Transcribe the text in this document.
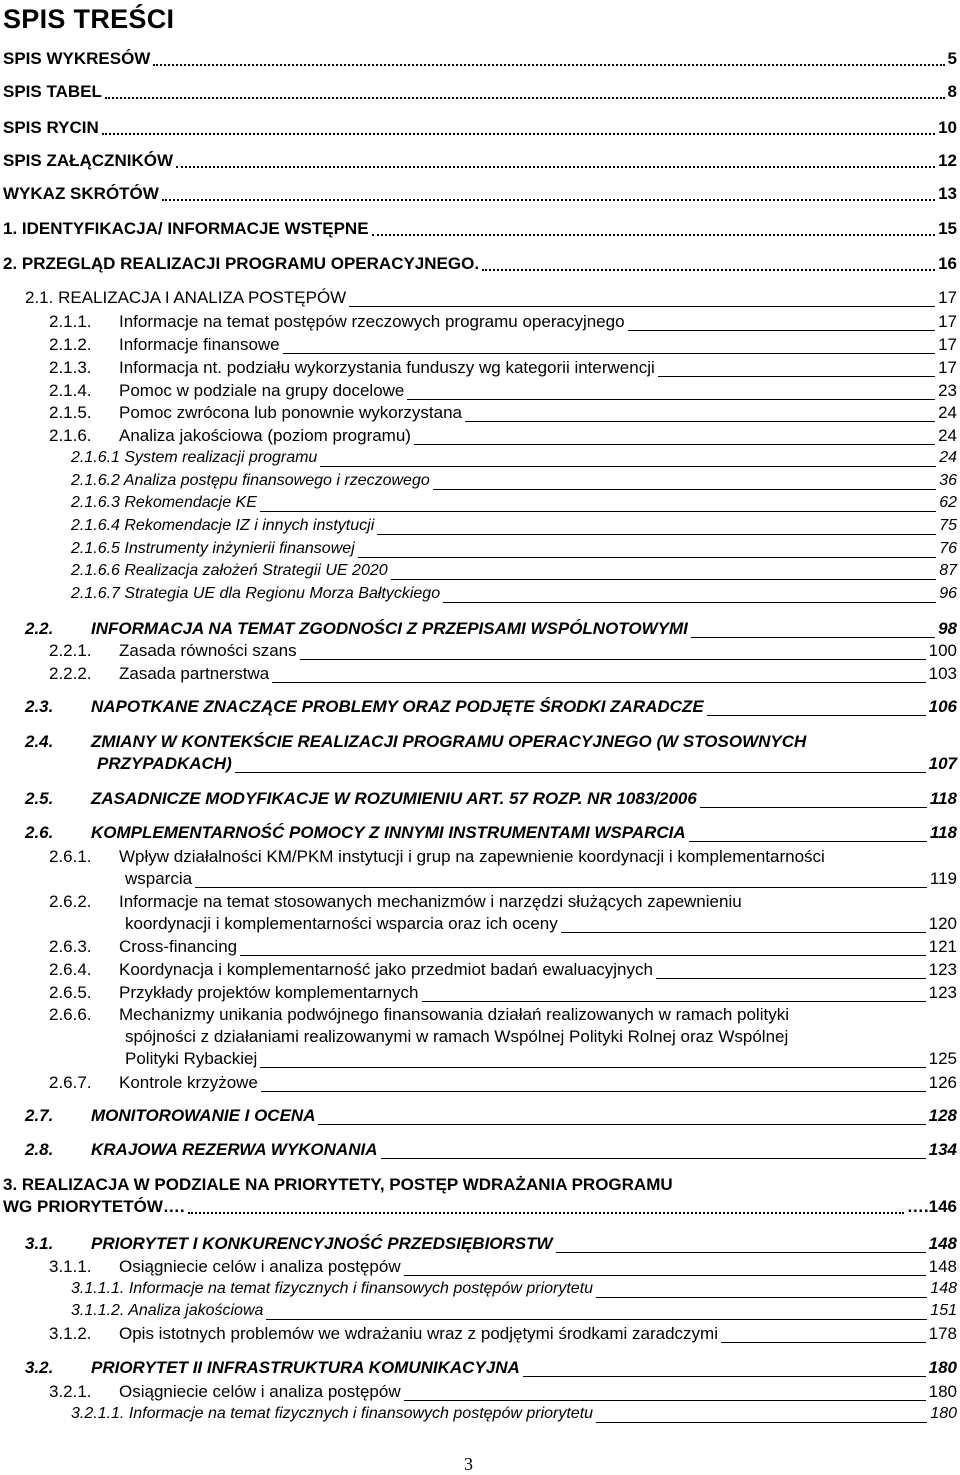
SPIS TREŚCI
SPIS WYKRESÓW	5
SPIS TABEL	8
SPIS RYCIN	10
SPIS ZAŁĄCZNIKÓW	12
WYKAZ SKRÓTÓW	13
1. IDENTYFIKACJA/ INFORMACJE WSTĘPNE	15
2. PRZEGLĄD REALIZACJI PROGRAMU OPERACYJNEGO.	16
2.1. REALIZACJA I ANALIZA POSTĘPÓW	17
2.1.1.	Informacje na temat postępów rzeczowych programu operacyjnego	17
2.1.2.	Informacje finansowe	17
2.1.3.	Informacja nt. podziału wykorzystania funduszy wg kategorii interwencji	17
2.1.4.	Pomoc w podziale na grupy docelowe	23
2.1.5.	Pomoc zwrócona lub ponownie wykorzystana	24
2.1.6.	Analiza jakościowa (poziom programu)	24
2.1.6.1 System realizacji programu	24
2.1.6.2 Analiza postępu finansowego i rzeczowego	36
2.1.6.3 Rekomendacje KE	62
2.1.6.4 Rekomendacje IZ i innych instytucji	75
2.1.6.5 Instrumenty inżynierii finansowej	76
2.1.6.6 Realizacja założeń Strategii UE 2020	87
2.1.6.7 Strategia UE dla Regionu Morza Bałtyckiego	96
2.2.	INFORMACJA NA TEMAT ZGODNOŚCI Z PRZEPISAMI WSPÓLNOTOWYMI	98
2.2.1.	Zasada równości szans	100
2.2.2.	Zasada partnerstwa	103
2.3.	NAPOTKANE ZNACZĄCE PROBLEMY ORAZ PODJĘTE ŚRODKI ZARADCZE	106
2.4.	ZMIANY W KONTEKŚCIE REALIZACJI PROGRAMU OPERACYJNEGO (W STOSOWNYCH
PRZYPADKACH)	107
2.5.	ZASADNICZE MODYFIKACJE W ROZUMIENIU ART. 57 ROZP. NR 1083/2006	118
2.6.	KOMPLEMENTARNOŚĆ POMOCY Z INNYMI INSTRUMENTAMI WSPARCIA	118
2.6.1.	Wpływ działalności KM/PKM instytucji i grup na zapewnienie koordynacji i komplementarności
wsparcia	119
2.6.2.	Informacje na temat stosowanych mechanizmów i narzędzi służących zapewnieniu
koordynacji i komplementarności wsparcia oraz ich oceny	120
2.6.3.	Cross-financing	121
2.6.4.	Koordynacja i komplementarność jako przedmiot badań ewaluacyjnych	123
2.6.5.	Przykłady projektów komplementarnych	123
2.6.6.	Mechanizmy unikania podwójnego finansowania działań realizowanych w ramach polityki
spójności z działaniami realizowanymi w ramach Wspólnej Polityki Rolnej oraz Wspólnej
Polityki Rybackiej	125
2.6.7.	Kontrole krzyżowe	126
2.7.	MONITOROWANIE I OCENA	128
2.8.	KRAJOWA REZERWA WYKONANIA	134
3. REALIZACJA W PODZIALE NA PRIORYTETY, POSTĘP WDRAŻANIA PROGRAMU
WG PRIORYTETÓW….	….146
3.1.	PRIORYTET I KONKURENCYJNOŚĆ PRZEDSIĘBIORSTW	148
3.1.1.	Osiągniecie celów i analiza postępów	148
3.1.1.1. Informacje na temat fizycznych i finansowych postępów priorytetu	148
3.1.1.2. Analiza jakościowa	151
3.1.2.	Opis istotnych problemów we wdrażaniu wraz z podjętymi środkami zaradczymi	178
3.2.	PRIORYTET II INFRASTRUKTURA KOMUNIKACYJNA	180
3.2.1.	Osiągniecie celów i analiza postępów	180
3.2.1.1. Informacje na temat fizycznych i finansowych postępów priorytetu	180
3
